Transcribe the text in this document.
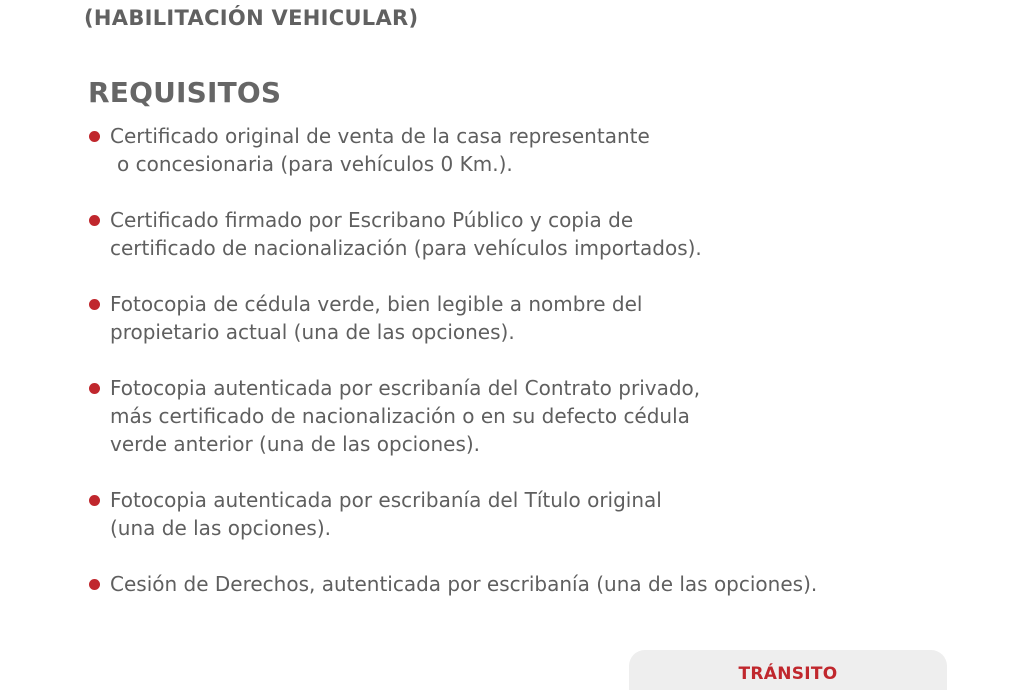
(HABILITACIÓN VEHICULAR)
REQUISITOS
Certificado original de venta de la casa representante
o concesionaria (para vehículos 0 Km.).
Certificado firmado por Escribano Público y copia de
certificado de nacionalización (para vehículos importados).
Fotocopia de cédula verde, bien legible a nombre del
propietario actual (una de las opciones).
Fotocopia autenticada por escribanía del Contrato privado,
más certificado de nacionalización o en su defecto cédula
verde anterior (una de las opciones).
Fotocopia autenticada por escribanía del Título original
(una de las opciones).
Cesión de Derechos, autenticada por escribanía (una de las opciones).
TRÁNSITO
